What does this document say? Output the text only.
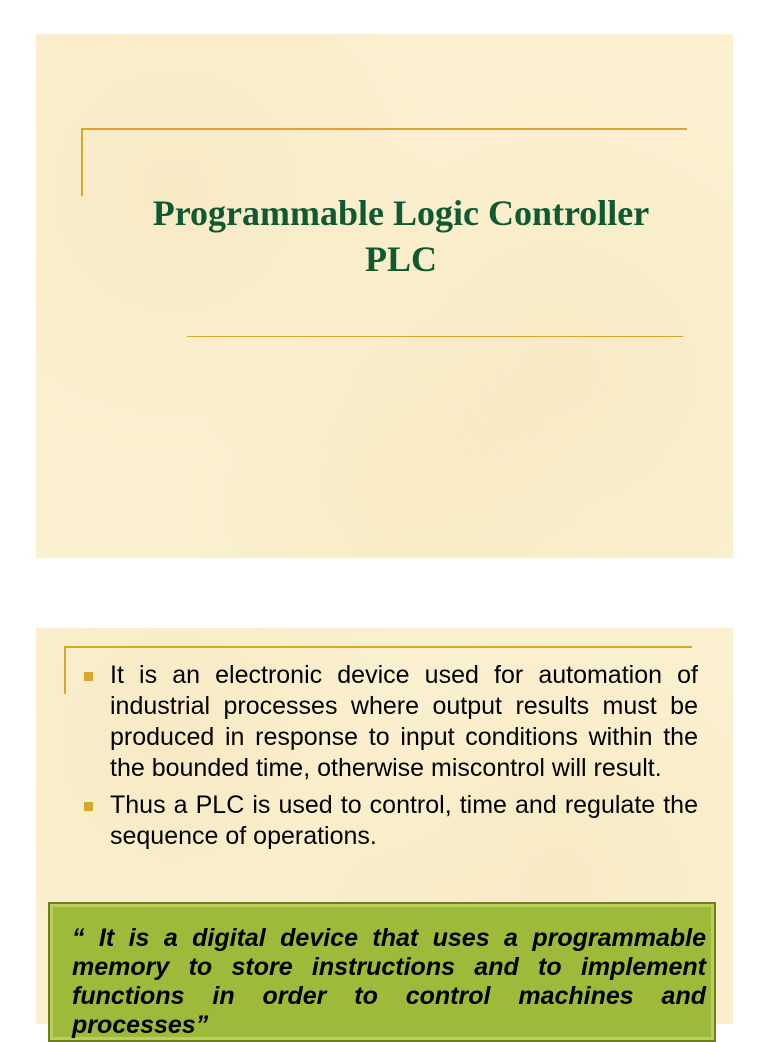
Programmable Logic Controller
PLC
It is an electronic device used for automation of industrial processes where output results must be produced in response to input conditions within the the bounded time, otherwise miscontrol will result.
Thus a PLC is used to control, time and regulate the sequence of operations.

“ It is a digital device that uses a programmable memory to store instructions and to implement functions in order to control machines and processes”
